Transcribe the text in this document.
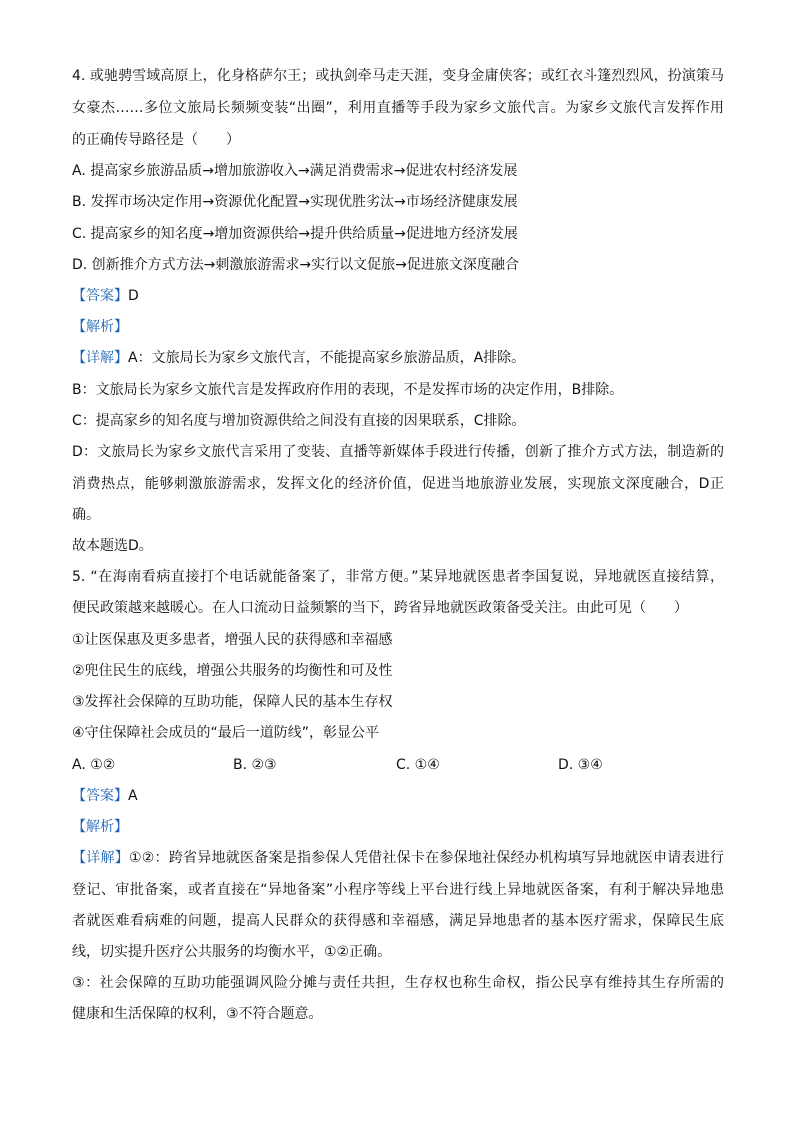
4. 或驰骋雪域高原上，化身格萨尔王；或执剑牵马走天涯，变身金庸侠客；或红衣斗篷烈烈风，扮演策马
女豪杰……多位文旅局长频频变装“出圈”，利用直播等手段为家乡文旅代言。为家乡文旅代言发挥作用
的正确传导路径是（　　）
A. 提高家乡旅游品质→增加旅游收入→满足消费需求→促进农村经济发展
B. 发挥市场决定作用→资源优化配置→实现优胜劣汰→市场经济健康发展
C. 提高家乡的知名度→增加资源供给→提升供给质量→促进地方经济发展
D. 创新推介方式方法→刺激旅游需求→实行以文促旅→促进旅文深度融合
【答案】D
【解析】
【详解】A：文旅局长为家乡文旅代言，不能提高家乡旅游品质，A排除。
B：文旅局长为家乡文旅代言是发挥政府作用的表现，不是发挥市场的决定作用，B排除。
C：提高家乡的知名度与增加资源供给之间没有直接的因果联系，C排除。
D：文旅局长为家乡文旅代言采用了变装、直播等新媒体手段进行传播，创新了推介方式方法，制造新的
消费热点，能够刺激旅游需求，发挥文化的经济价值，促进当地旅游业发展，实现旅文深度融合，D正
确。
故本题选D。
5. “在海南看病直接打个电话就能备案了，非常方便。”某异地就医患者李国复说，异地就医直接结算，
便民政策越来越暖心。在人口流动日益频繁的当下，跨省异地就医政策备受关注。由此可见（　　）
①让医保惠及更多患者，增强人民的获得感和幸福感
②兜住民生的底线，增强公共服务的均衡性和可及性
③发挥社会保障的互助功能，保障人民的基本生存权
④守住保障社会成员的“最后一道防线”，彰显公平
A. ①②	B. ②③	C. ①④	D. ③④
【答案】A
【解析】
【详解】①②：跨省异地就医备案是指参保人凭借社保卡在参保地社保经办机构填写异地就医申请表进行
登记、审批备案，或者直接在“异地备案”小程序等线上平台进行线上异地就医备案，有利于解决异地患
者就医难看病难的问题，提高人民群众的获得感和幸福感，满足异地患者的基本医疗需求，保障民生底
线，切实提升医疗公共服务的均衡水平，①②正确。
③：社会保障的互助功能强调风险分摊与责任共担，生存权也称生命权，指公民享有维持其生存所需的
健康和生活保障的权利，③不符合题意。
